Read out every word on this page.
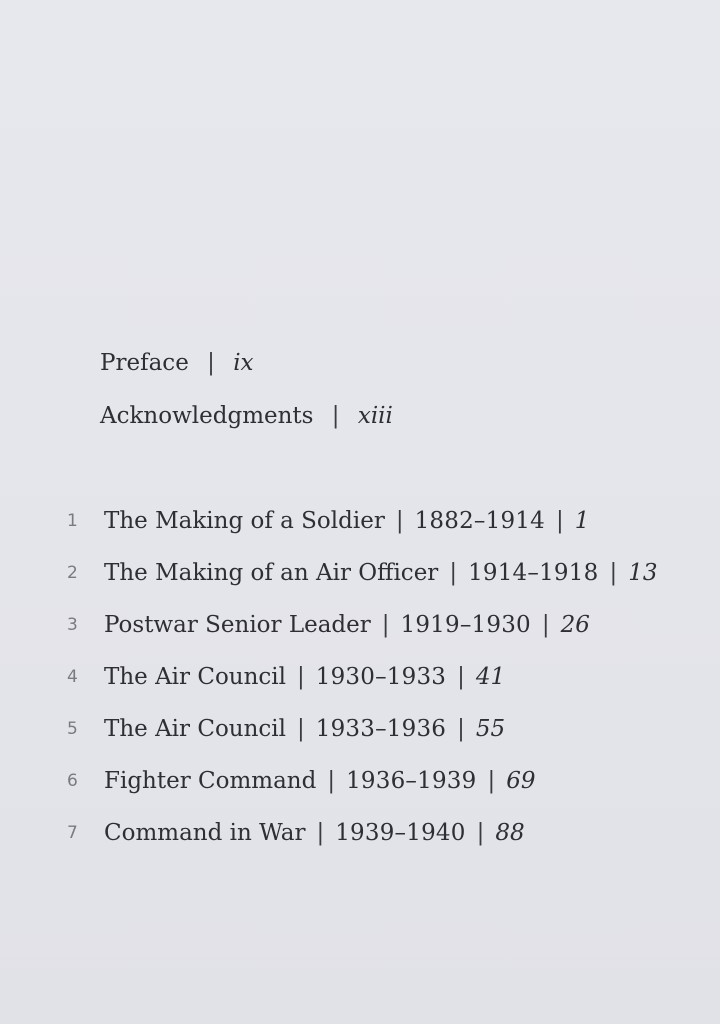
Preface | ix
Acknowledgments | xiii
1 The Making of a Soldier | 1882–1914 | 1
2 The Making of an Air Officer | 1914–1918 | 13
3 Postwar Senior Leader | 1919–1930 | 26
4 The Air Council | 1930–1933 | 41
5 The Air Council | 1933–1936 | 55
6 Fighter Command | 1936–1939 | 69
7 Command in War | 1939–1940 | 88
